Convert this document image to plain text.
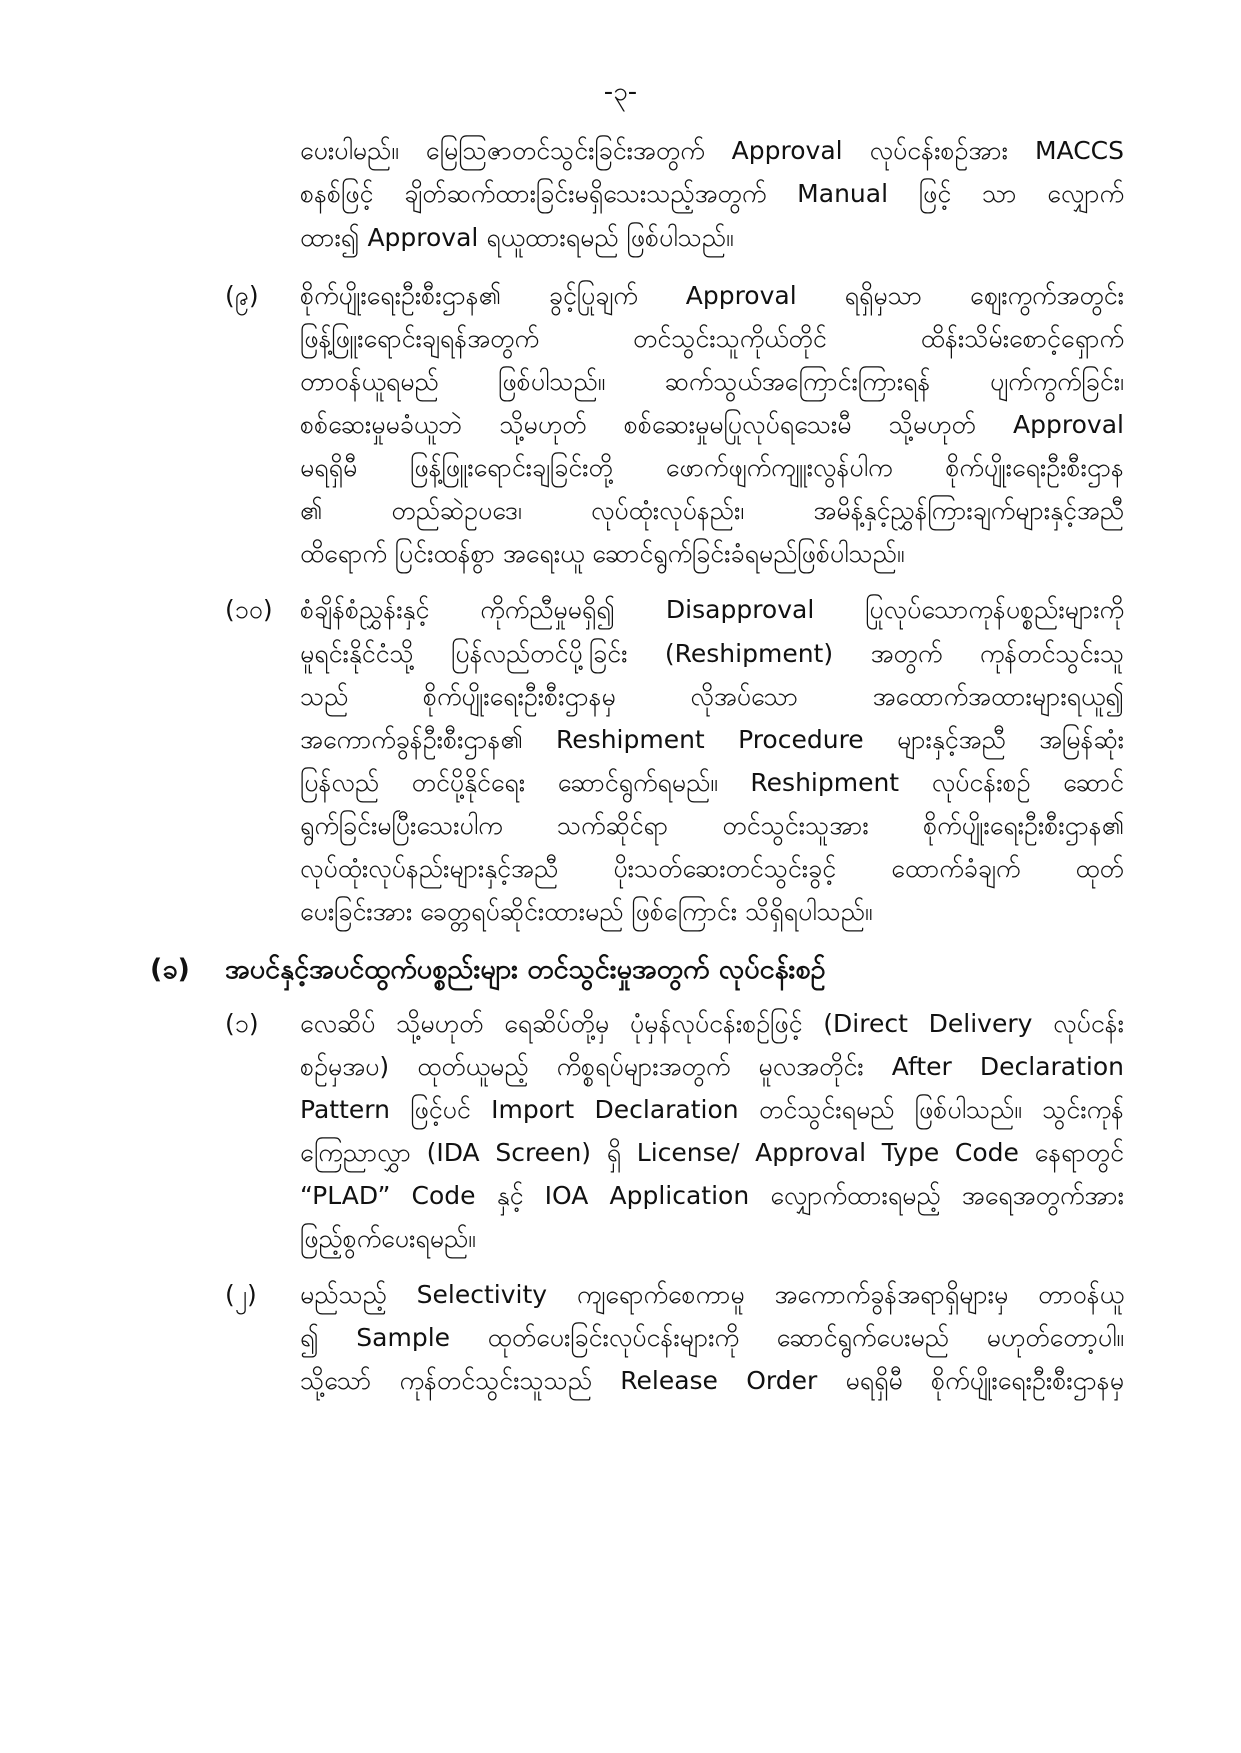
-၃-
ပေးပါမည်။ မြေဩဇာတင်သွင်းခြင်းအတွက် Approval လုပ်ငန်းစဉ်အား MACCS
စနစ်ဖြင့် ချိတ်ဆက်ထားခြင်းမရှိသေးသည့်အတွက် Manual ဖြင့် သာ လျှောက်
ထား၍ Approval ရယူထားရမည် ဖြစ်ပါသည်။
(၉) စိုက်ပျိုးရေးဦးစီးဌာန၏ ခွင့်ပြုချက် Approval ရရှိမှသာ ဈေးကွက်အတွင်း
ဖြန့်ဖြူးရောင်းချရန်အတွက် တင်သွင်းသူကိုယ်တိုင် ထိန်းသိမ်းစောင့်ရှောက်
တာဝန်ယူရမည် ဖြစ်ပါသည်။ ဆက်သွယ်အကြောင်းကြားရန် ပျက်ကွက်ခြင်း၊
စစ်ဆေးမှုမခံယူဘဲ သို့မဟုတ် စစ်ဆေးမှုမပြုလုပ်ရသေးမီ သို့မဟုတ် Approval
မရရှိမီ ဖြန့်ဖြူးရောင်းချခြင်းတို့ ဖောက်ဖျက်ကျူးလွန်ပါက စိုက်ပျိုးရေးဦးစီးဌာန
၏ တည်ဆဲဥပဒေ၊ လုပ်ထုံးလုပ်နည်း၊ အမိန့်နှင့်ညွှန်ကြားချက်များနှင့်အညီ
ထိရောက် ပြင်းထန်စွာ အရေးယူ ဆောင်ရွက်ခြင်းခံရမည်ဖြစ်ပါသည်။
(၁၀) စံချိန်စံညွှန်းနှင့် ကိုက်ညီမှုမရှိ၍ Disapproval ပြုလုပ်သောကုန်ပစ္စည်းများကို
မူရင်းနိုင်ငံသို့ ပြန်လည်တင်ပို့ခြင်း (Reshipment) အတွက် ကုန်တင်သွင်းသူ
သည် စိုက်ပျိုးရေးဦးစီးဌာနမှ လိုအပ်သော အထောက်အထားများရယူ၍
အကောက်ခွန်ဦးစီးဌာန၏ Reshipment Procedure များနှင့်အညီ အမြန်ဆုံး
ပြန်လည် တင်ပို့နိုင်ရေး ဆောင်ရွက်ရမည်။ Reshipment လုပ်ငန်းစဉ် ဆောင်
ရွက်ခြင်းမပြီးသေးပါက သက်ဆိုင်ရာ တင်သွင်းသူအား စိုက်ပျိုးရေးဦးစီးဌာန၏
လုပ်ထုံးလုပ်နည်းများနှင့်အညီ ပိုးသတ်ဆေးတင်သွင်းခွင့် ထောက်ခံချက် ထုတ်
ပေးခြင်းအား ခေတ္တရပ်ဆိုင်းထားမည် ဖြစ်ကြောင်း သိရှိရပါသည်။
(ခ) အပင်နှင့်အပင်ထွက်ပစ္စည်းများ တင်သွင်းမှုအတွက် လုပ်ငန်းစဉ်
(၁) လေဆိပ် သို့မဟုတ် ရေဆိပ်တို့မှ ပုံမှန်လုပ်ငန်းစဉ်ဖြင့် (Direct Delivery လုပ်ငန်း
စဉ်မှအပ) ထုတ်ယူမည့် ကိစ္စရပ်များအတွက် မူလအတိုင်း After Declaration
Pattern ဖြင့်ပင် Import Declaration တင်သွင်းရမည် ဖြစ်ပါသည်။ သွင်းကုန်
ကြေညာလွှာ (IDA Screen) ရှိ License/ Approval Type Code နေရာတွင်
“PLAD” Code နှင့် IOA Application လျှောက်ထားရမည့် အရေအတွက်အား
ဖြည့်စွက်ပေးရမည်။
(၂) မည်သည့် Selectivity ကျရောက်စေကာမူ အကောက်ခွန်အရာရှိများမှ တာဝန်ယူ
၍ Sample ထုတ်ပေးခြင်းလုပ်ငန်းများကို ဆောင်ရွက်ပေးမည် မဟုတ်တော့ပါ။
သို့သော် ကုန်တင်သွင်းသူသည် Release Order မရရှိမီ စိုက်ပျိုးရေးဦးစီးဌာနမှ
